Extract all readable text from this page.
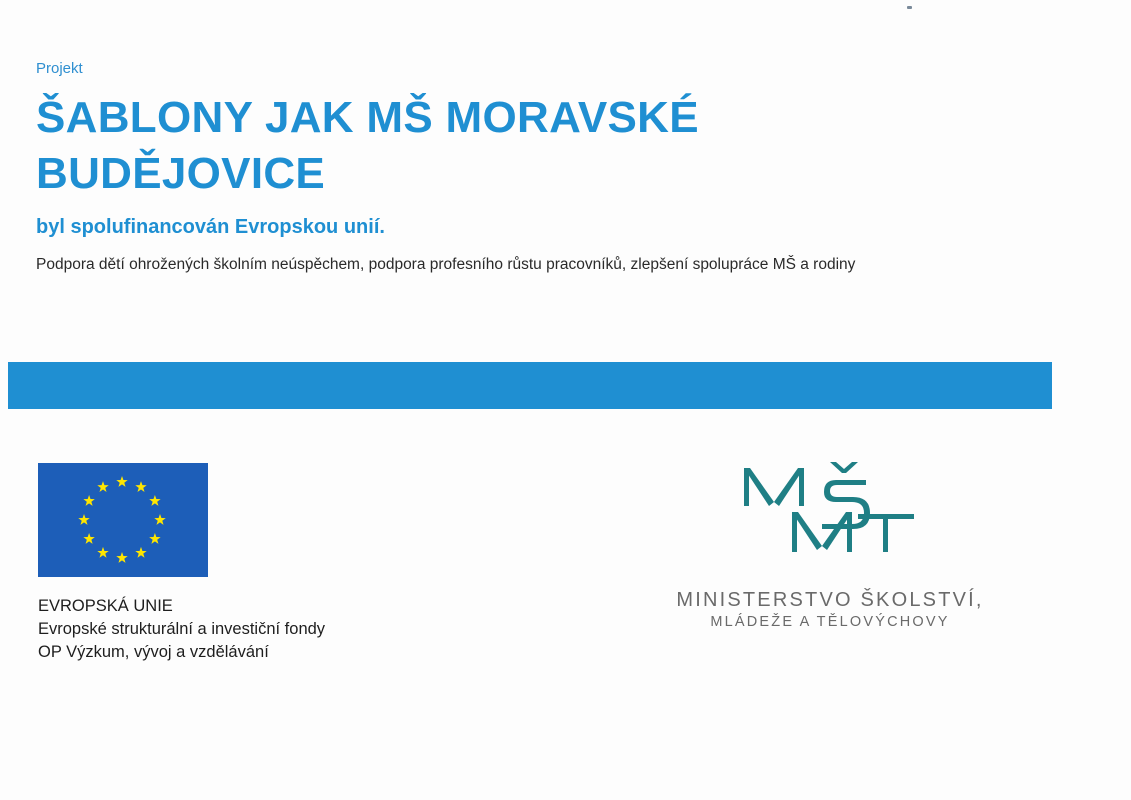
Projekt
ŠABLONY JAK MŠ MORAVSKÉ BUDĚJOVICE
byl spolufinancován Evropskou unií.
Podpora dětí ohrožených školním neúspěchem, podpora profesního růstu pracovníků, zlepšení spolupráce MŠ a rodiny
EVROPSKÁ UNIE
Evropské strukturální a investiční fondy
OP Výzkum, vývoj a vzdělávání
MINISTERSTVO ŠKOLSTVÍ,
MLÁDEŽE A TĚLOVÝCHOVY
